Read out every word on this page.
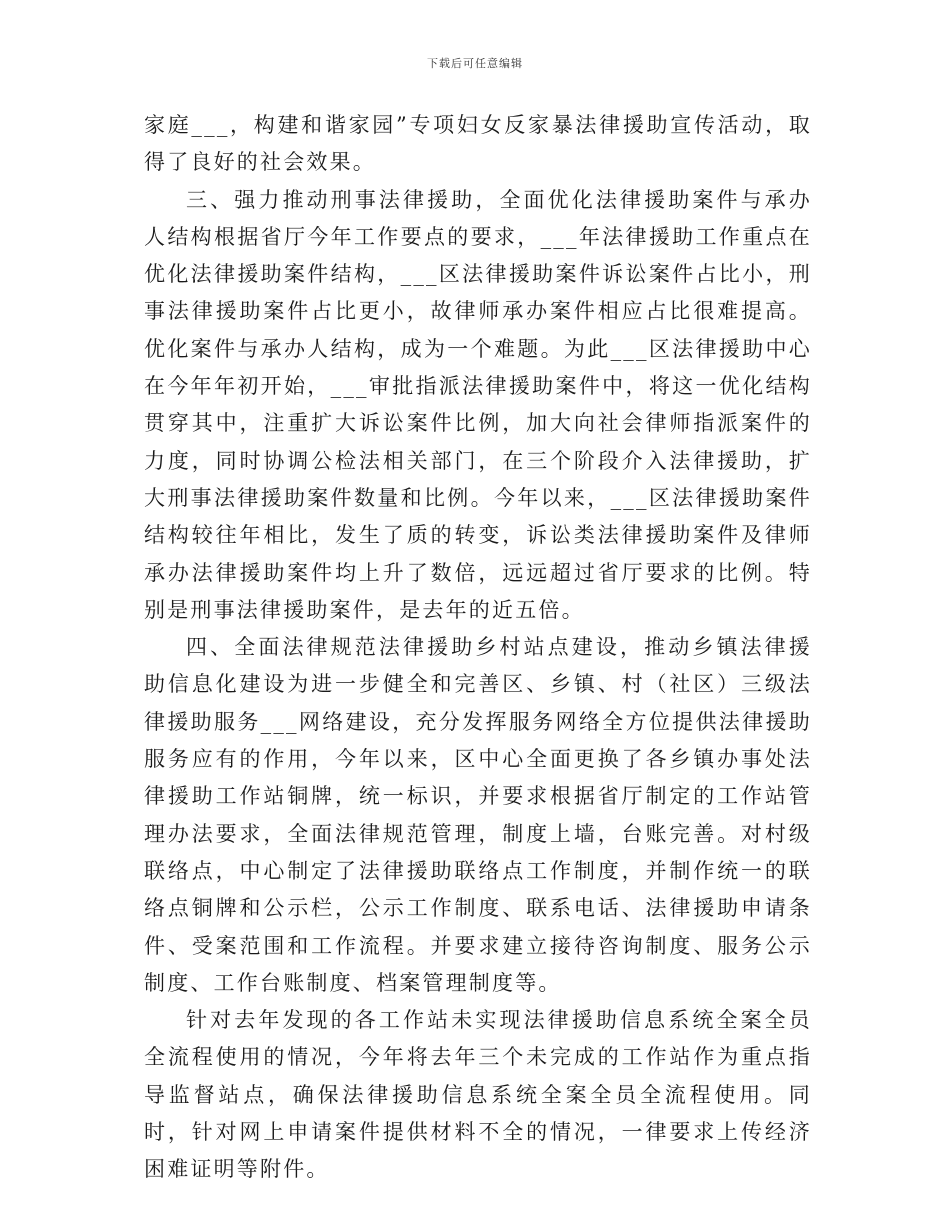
下载后可任意编辑

家庭___，构建和谐家园”专项妇女反家暴法律援助宣传活动，取得了良好的社会效果。

三、强力推动刑事法律援助，全面优化法律援助案件与承办人结构根据省厅今年工作要点的要求，___年法律援助工作重点在优化法律援助案件结构，___区法律援助案件诉讼案件占比小，刑事法律援助案件占比更小，故律师承办案件相应占比很难提高。优化案件与承办人结构，成为一个难题。为此___区法律援助中心在今年年初开始，___审批指派法律援助案件中，将这一优化结构贯穿其中，注重扩大诉讼案件比例，加大向社会律师指派案件的力度，同时协调公检法相关部门，在三个阶段介入法律援助，扩大刑事法律援助案件数量和比例。今年以来，___区法律援助案件结构较往年相比，发生了质的转变，诉讼类法律援助案件及律师承办法律援助案件均上升了数倍，远远超过省厅要求的比例。特别是刑事法律援助案件，是去年的近五倍。

四、全面法律规范法律援助乡村站点建设，推动乡镇法律援助信息化建设为进一步健全和完善区、乡镇、村（社区）三级法律援助服务___网络建设，充分发挥服务网络全方位提供法律援助服务应有的作用，今年以来，区中心全面更换了各乡镇办事处法律援助工作站铜牌，统一标识，并要求根据省厅制定的工作站管理办法要求，全面法律规范管理，制度上墙，台账完善。对村级联络点，中心制定了法律援助联络点工作制度，并制作统一的联络点铜牌和公示栏，公示工作制度、联系电话、法律援助申请条件、受案范围和工作流程。并要求建立接待咨询制度、服务公示制度、工作台账制度、档案管理制度等。

针对去年发现的各工作站未实现法律援助信息系统全案全员全流程使用的情况，今年将去年三个未完成的工作站作为重点指导监督站点，确保法律援助信息系统全案全员全流程使用。同时，针对网上申请案件提供材料不全的情况，一律要求上传经济困难证明等附件。
